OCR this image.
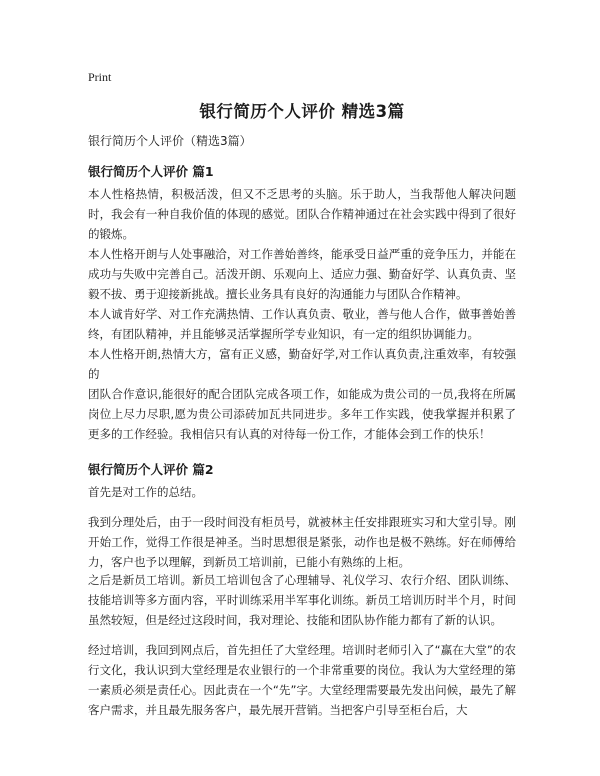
Print
银行简历个人评价 精选3篇

银行简历个人评价（精选3篇）

银行简历个人评价 篇1

本人性格热情，积极活泼，但又不乏思考的头脑。乐于助人，当我帮他人解决问题时，我会有一种自我价值的体现的感觉。团队合作精神通过在社会实践中得到了很好的锻炼。

本人性格开朗与人处事融洽，对工作善始善终，能承受日益严重的竞争压力，并能在成功与失败中完善自己。活泼开朗、乐观向上、适应力强、勤奋好学、认真负责、坚毅不拔、勇于迎接新挑战。擅长业务具有良好的沟通能力与团队合作精神。

本人诚肯好学、对工作充满热情、工作认真负责、敬业，善与他人合作，做事善始善终，有团队精神，并且能够灵活掌握所学专业知识，有一定的组织协调能力。

本人性格开朗,热情大方，富有正义感，勤奋好学,对工作认真负责,注重效率，有较强的

团队合作意识,能很好的配合团队完成各项工作，如能成为贵公司的一员,我将在所属岗位上尽力尽职,愿为贵公司添砖加瓦共同进步。多年工作实践，使我掌握并积累了更多的工作经验。我相信只有认真的对待每一份工作，才能体会到工作的快乐！

银行简历个人评价 篇2

首先是对工作的总结。

我到分理处后，由于一段时间没有柜员号，就被林主任安排跟班实习和大堂引导。刚开始工作，觉得工作很是神圣。当时思想很是紧张，动作也是极不熟练。好在师傅给力，客户也予以理解，到新员工培训前，已能小有熟练的上柜。

之后是新员工培训。新员工培训包含了心理辅导、礼仪学习、农行介绍、团队训练、技能培训等多方面内容，平时训练采用半军事化训练。新员工培训历时半个月，时间虽然较短，但是经过这段时间，我对理论、技能和团队协作能力都有了新的认识。

经过培训，我回到网点后，首先担任了大堂经理。培训时老师引入了“赢在大堂”的农行文化，我认识到大堂经理是农业银行的一个非常重要的岗位。我认为大堂经理的第一素质必须是责任心。因此责在一个“先”字。大堂经理需要最先发出问候，最先了解客户需求，并且最先服务客户，最先展开营销。当把客户引导至柜台后，大
